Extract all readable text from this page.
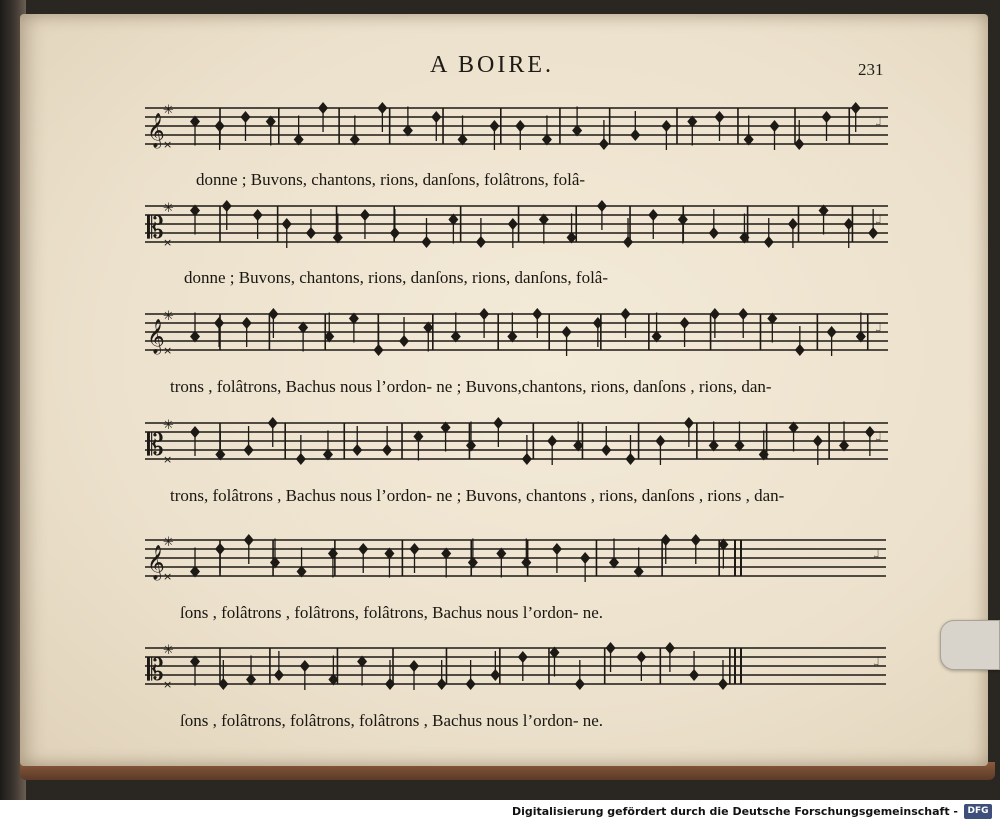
A BOIRE.	231
𝄞
✳
×
𝆷
𝄡
✳
×
𝆷
𝄞
✳
×
𝆷
𝄡
✳
×
𝆷
𝄞
✳
×
𝆷
𝄡
✳
×
𝆷
donne ; Buvons, chantons, rions, danſons, folâtrons, folâ-
donne ; Buvons, chantons, rions, danſons, rions, danſons, folâ-
trons , folâtrons, Bachus nous l’ordon- ne ; Buvons,chantons, rions, danſons , rions, dan-
trons, folâtrons , Bachus nous l’ordon- ne ; Buvons, chantons , rions, danſons , rions , dan-
ſons , folâtrons , folâtrons, folâtrons, Bachus nous l’ordon- ne.
ſons , folâtrons, folâtrons, folâtrons , Bachus nous l’ordon- ne.
Digitalisierung gefördert durch die Deutsche Forschungsgemeinschaft -	DFG
